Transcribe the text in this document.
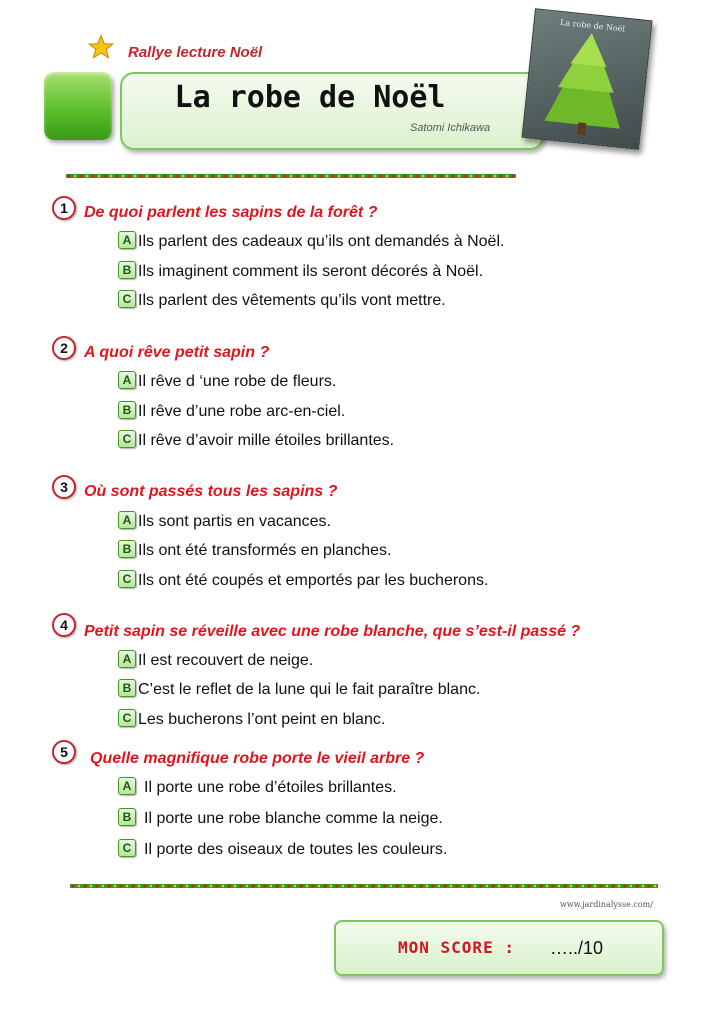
Rallye lecture Noël
La robe de Noël
Satomi Ichikawa
La robe de Noël
1	De quoi parlent les sapins de la forêt ?
A Ils parlent des cadeaux qu’ils ont demandés à Noël.
B Ils imaginent comment ils seront décorés à Noël.
C Ils parlent des vêtements qu’ils vont mettre.
2	A quoi rêve petit sapin ?
A Il rêve d ‘une robe de fleurs.
B Il rêve d’une robe arc-en-ciel.
C Il rêve d’avoir mille étoiles brillantes.
3	Où sont passés tous les sapins ?
A Ils sont partis en vacances.
B Ils ont été transformés en planches.
C Ils ont été coupés et emportés par les bucherons.
4	Petit sapin se réveille avec une robe blanche, que s’est-il passé ?
A Il est recouvert de neige.
B C’est le reflet de la lune qui le fait paraître blanc.
C Les bucherons l’ont peint en blanc.
5	Quelle magnifique robe porte le vieil arbre ?
A Il porte une robe d’étoiles brillantes.
B Il porte une robe blanche comme la neige.
C Il porte des oiseaux de toutes les couleurs.
www.jardinalysse.com/
MON SCORE : …../10
